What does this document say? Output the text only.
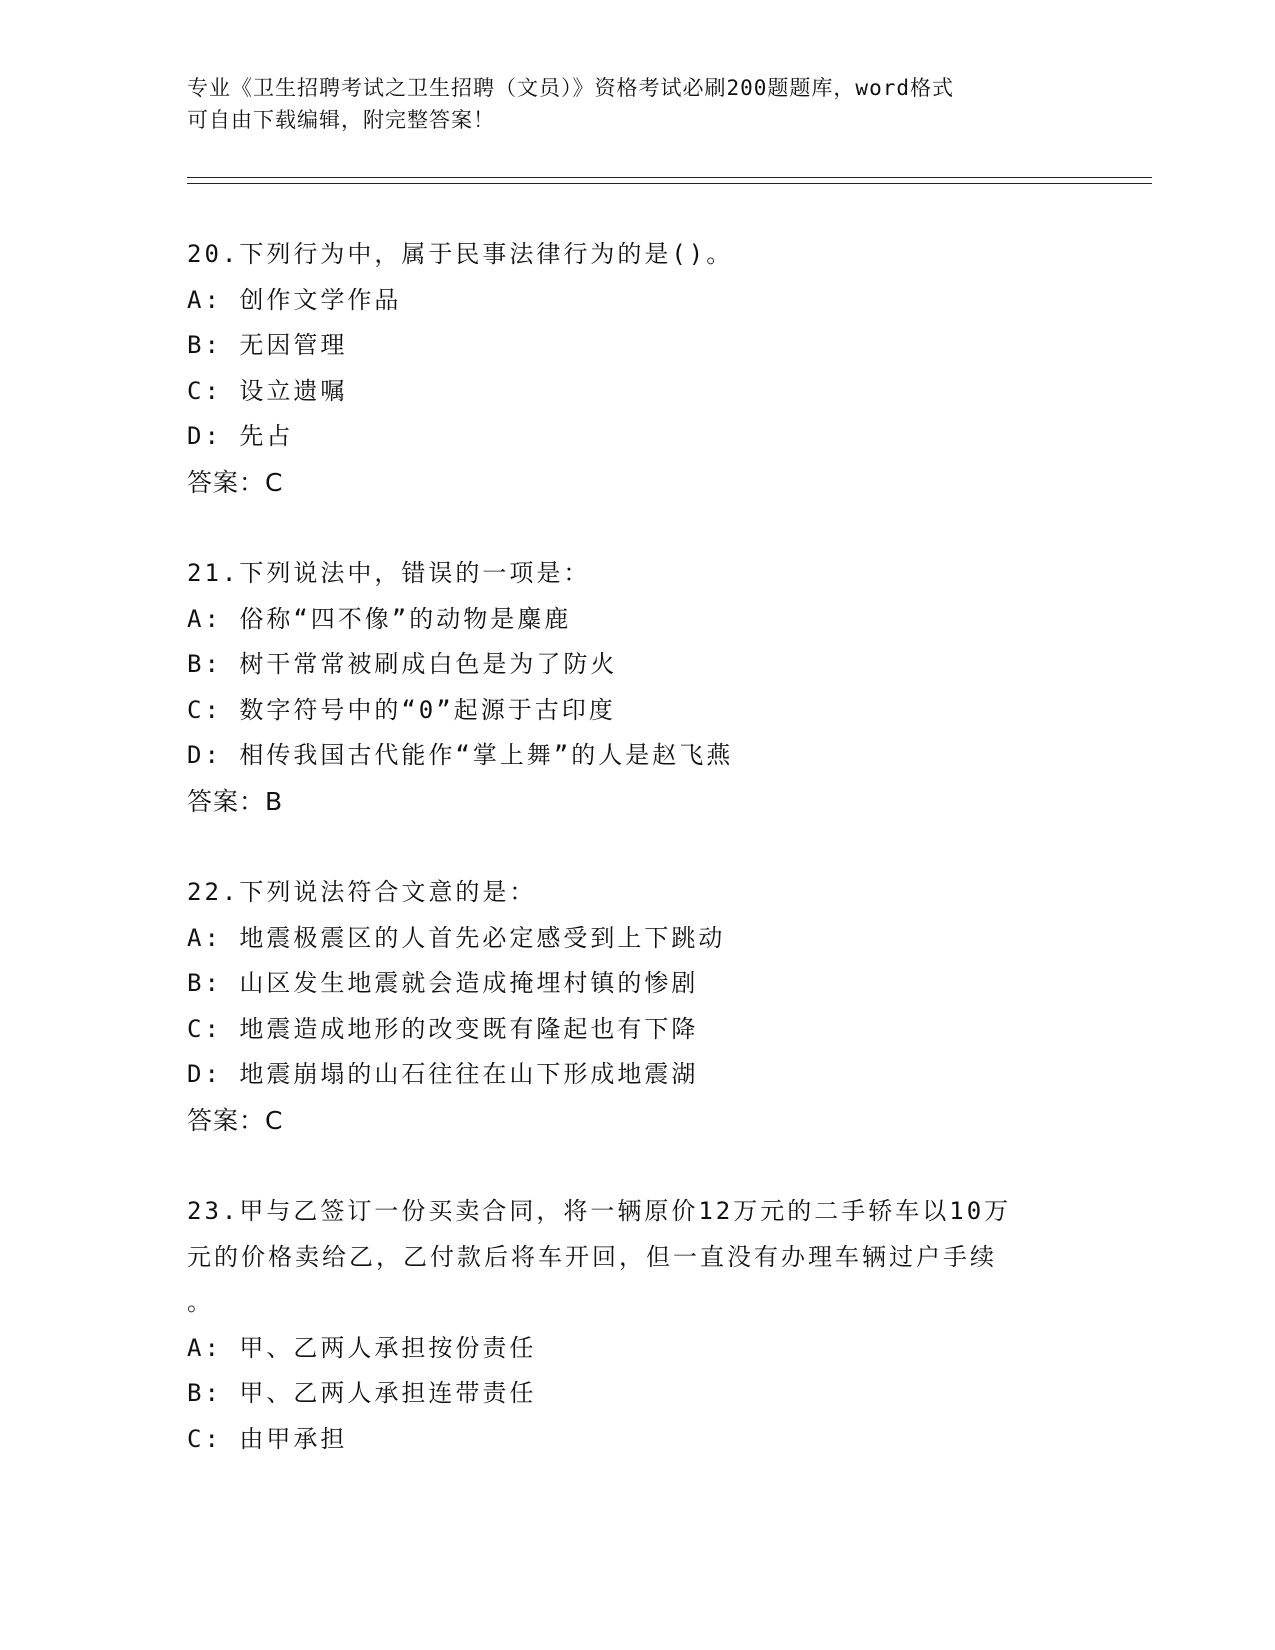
专业《卫生招聘考试之卫生招聘（文员）》资格考试必刷200题题库，word格式
可自由下载编辑，附完整答案！
20.下列行为中，属于民事法律行为的是()。
A: 创作文学作品
B: 无因管理
C: 设立遗嘱
D: 先占
答案：C
21.下列说法中，错误的一项是：
A: 俗称“四不像”的动物是麋鹿
B: 树干常常被刷成白色是为了防火
C: 数字符号中的“0”起源于古印度
D: 相传我国古代能作“掌上舞”的人是赵飞燕
答案：B
22.下列说法符合文意的是：
A: 地震极震区的人首先必定感受到上下跳动
B: 山区发生地震就会造成掩埋村镇的惨剧
C: 地震造成地形的改变既有隆起也有下降
D: 地震崩塌的山石往往在山下形成地震湖
答案：C
23.甲与乙签订一份买卖合同，将一辆原价12万元的二手轿车以10万
元的价格卖给乙，乙付款后将车开回，但一直没有办理车辆过户手续
。
A: 甲、乙两人承担按份责任
B: 甲、乙两人承担连带责任
C: 由甲承担
